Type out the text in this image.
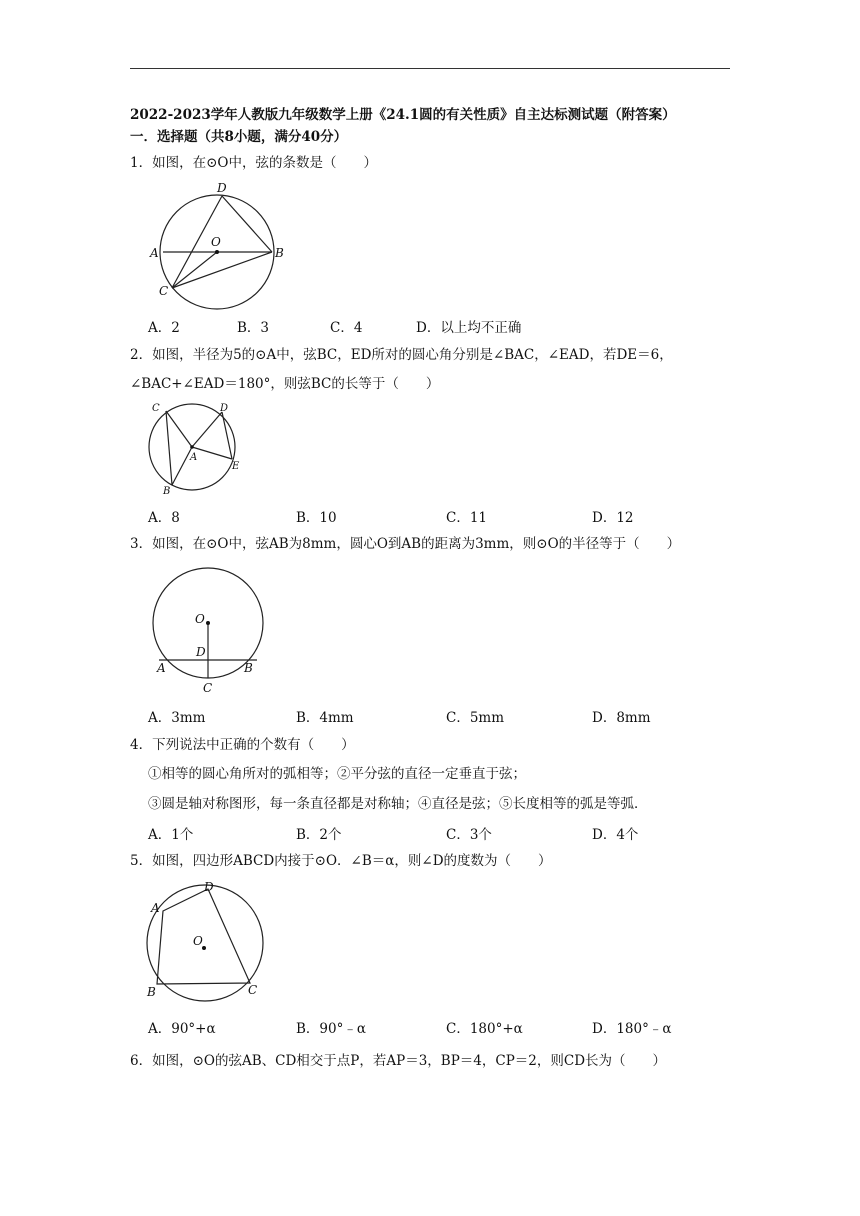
2022-2023学年人教版九年级数学上册《24.1圆的有关性质》自主达标测试题（附答案）
一．选择题（共8小题，满分40分）
1．如图，在⊙O中，弦的条数是（　　）
D
O
A	B
C
A．2	B．3	C．4	D．以上均不正确
2．如图，半径为5的⊙A中，弦BC，ED所对的圆心角分别是∠BAC，∠EAD，若DE＝6，
∠BAC+∠EAD＝180°，则弦BC的长等于（　　）
C	D
A
E
B
A．8	B．10	C．11	D．12
3．如图，在⊙O中，弦AB为8mm，圆心O到AB的距离为3mm，则⊙O的半径等于（　　）
O
D
A	B
C
A．3mm	B．4mm	C．5mm	D．8mm
4．下列说法中正确的个数有（　　）
①相等的圆心角所对的弧相等；②平分弦的直径一定垂直于弦；
③圆是轴对称图形，每一条直径都是对称轴；④直径是弦；⑤长度相等的弧是等弧．
A．1个	B．2个	C．3个	D．4个
5．如图，四边形ABCD内接于⊙O．∠B＝α，则∠D的度数为（　　）
D
A
O
B	C
A．90°+α	B．90°﹣α	C．180°+α	D．180°﹣α
6．如图，⊙O的弦AB、CD相交于点P，若AP＝3，BP＝4，CP＝2，则CD长为（　　）
